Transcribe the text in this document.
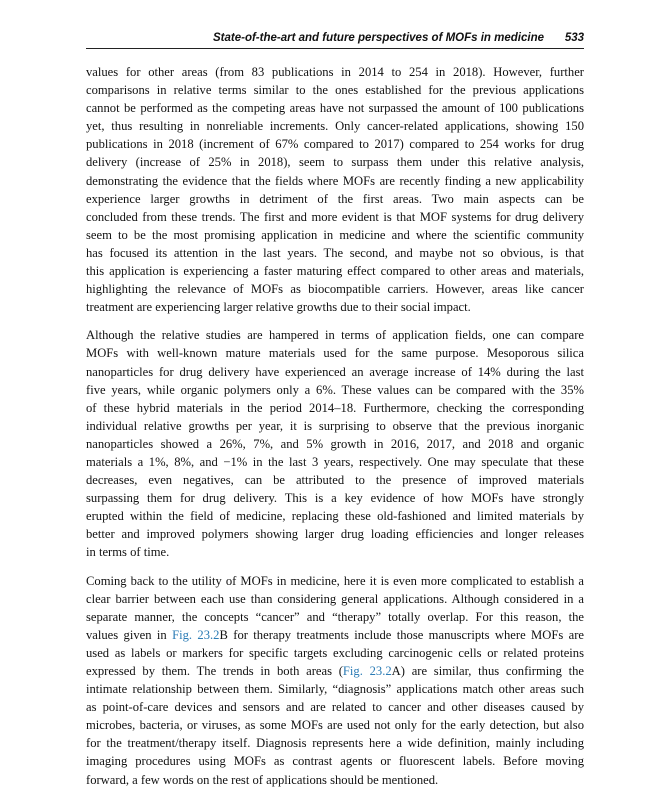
State-of-the-art and future perspectives of MOFs in medicine 533

values for other areas (from 83 publications in 2014 to 254 in 2018). However, further
comparisons in relative terms similar to the ones established for the previous applications
cannot be performed as the competing areas have not surpassed the amount of 100 publications
yet, thus resulting in nonreliable increments. Only cancer-related applications, showing 150
publications in 2018 (increment of 67% compared to 2017) compared to 254 works for drug
delivery (increase of 25% in 2018), seem to surpass them under this relative analysis,
demonstrating the evidence that the fields where MOFs are recently finding a new applicability
experience larger growths in detriment of the first areas. Two main aspects can be
concluded from these trends. The first and more evident is that MOF systems for drug delivery
seem to be the most promising application in medicine and where the scientific community
has focused its attention in the last years. The second, and maybe not so obvious, is that
this application is experiencing a faster maturing effect compared to other areas and materials,
highlighting the relevance of MOFs as biocompatible carriers. However, areas like cancer
treatment are experiencing larger relative growths due to their social impact.

Although the relative studies are hampered in terms of application fields, one can compare
MOFs with well-known mature materials used for the same purpose. Mesoporous silica
nanoparticles for drug delivery have experienced an average increase of 14% during the last
five years, while organic polymers only a 6%. These values can be compared with the 35%
of these hybrid materials in the period 2014–18. Furthermore, checking the corresponding
individual relative growths per year, it is surprising to observe that the previous inorganic
nanoparticles showed a 26%, 7%, and 5% growth in 2016, 2017, and 2018 and organic
materials a 1%, 8%, and −1% in the last 3 years, respectively. One may speculate that these
decreases, even negatives, can be attributed to the presence of improved materials
surpassing them for drug delivery. This is a key evidence of how MOFs have strongly
erupted within the field of medicine, replacing these old-fashioned and limited materials by
better and improved polymers showing larger drug loading efficiencies and longer releases
in terms of time.

Coming back to the utility of MOFs in medicine, here it is even more complicated to establish a
clear barrier between each use than considering general applications. Although considered in a
separate manner, the concepts “cancer” and “therapy” totally overlap. For this reason, the
values given in Fig. 23.2B for therapy treatments include those manuscripts where MOFs are
used as labels or markers for specific targets excluding carcinogenic cells or related proteins
expressed by them. The trends in both areas (Fig. 23.2A) are similar, thus confirming the
intimate relationship between them. Similarly, “diagnosis” applications match other areas such
as point-of-care devices and sensors and are related to cancer and other diseases caused by
microbes, bacteria, or viruses, as some MOFs are used not only for the early detection, but also
for the treatment/therapy itself. Diagnosis represents here a wide definition, mainly including
imaging procedures using MOFs as contrast agents or fluorescent labels. Before moving
forward, a few words on the rest of applications should be mentioned.
